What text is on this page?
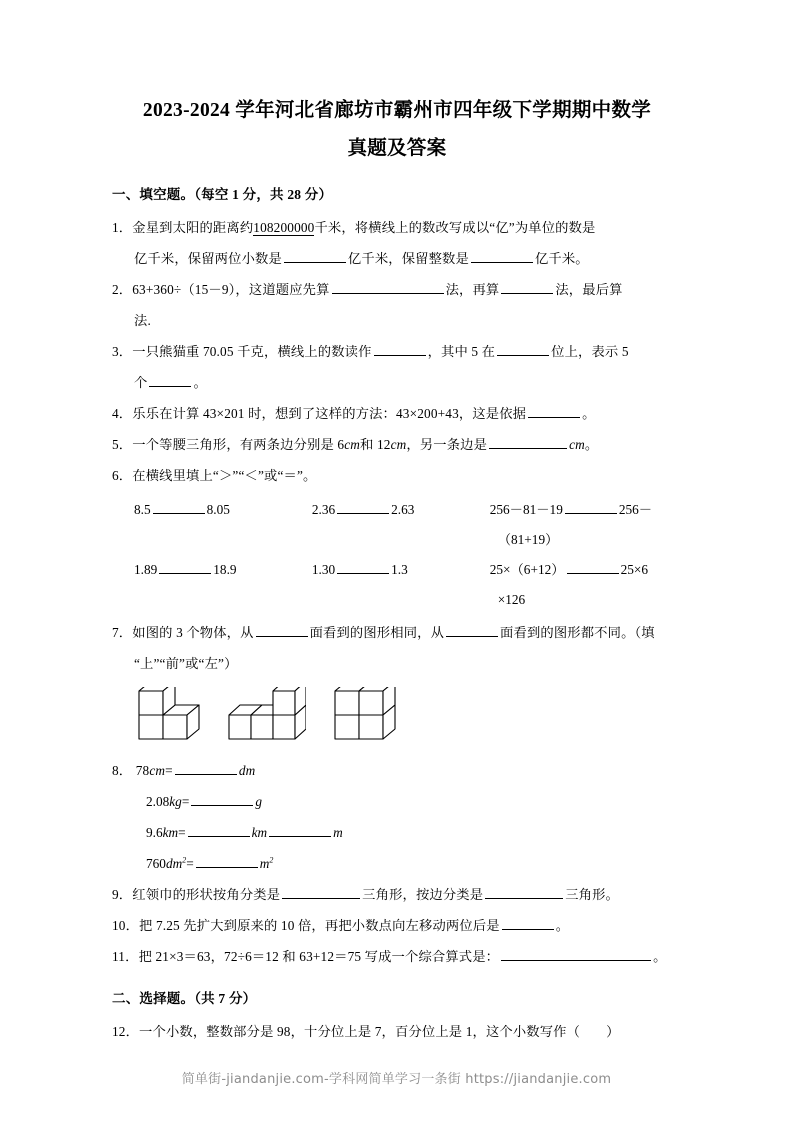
2023-2024 学年河北省廊坊市霸州市四年级下学期期中数学
真题及答案
一、填空题。（每空 1 分，共 28 分）
1．金星到太阳的距离约108200000千米，将横线上的数改写成以“亿”为单位的数是
亿千米，保留两位小数是	亿千米，保留整数是	亿千米。
2．63+360÷（15－9），这道题应先算	法，再算	法，最后算
法.
3．一只熊猫重 70.05 千克，横线上的数读作	，其中 5 在	位上，表示 5
个	。
4．乐乐在计算 43×201 时，想到了这样的方法：43×200+43，这是依据	。
5．一个等腰三角形，有两条边分别是 6cm和 12cm，另一条边是	cm。
6．在横线里填上“＞”“＜”或“＝”。
8.5	8.05	2.36	2.63	256－81－19	256－
（81+19）
1.89	18.9	1.30	1.3	25×（6+12）	25×6
×126
7．如图的 3 个物体，从	面看到的图形相同，从	面看到的图形都不同。（填
“上”“前”或“左”）
8． 78cm=	dm
2.08kg=	g
9.6km=	km	m
$760dm^2=$	$m^2$
9．红领巾的形状按角分类是	三角形，按边分类是	三角形。
10．把 7.25 先扩大到原来的 10 倍，再把小数点向左移动两位后是	。
11．把 21×3＝63，72÷6＝12 和 63+12＝75 写成一个综合算式是：	。
二、选择题。（共 7 分）
12．一个小数，整数部分是 98，十分位上是 7，百分位上是 1，这个小数写作（ ）
简单街-jiandanjie.com-学科网简单学习一条街 https://jiandanjie.com
